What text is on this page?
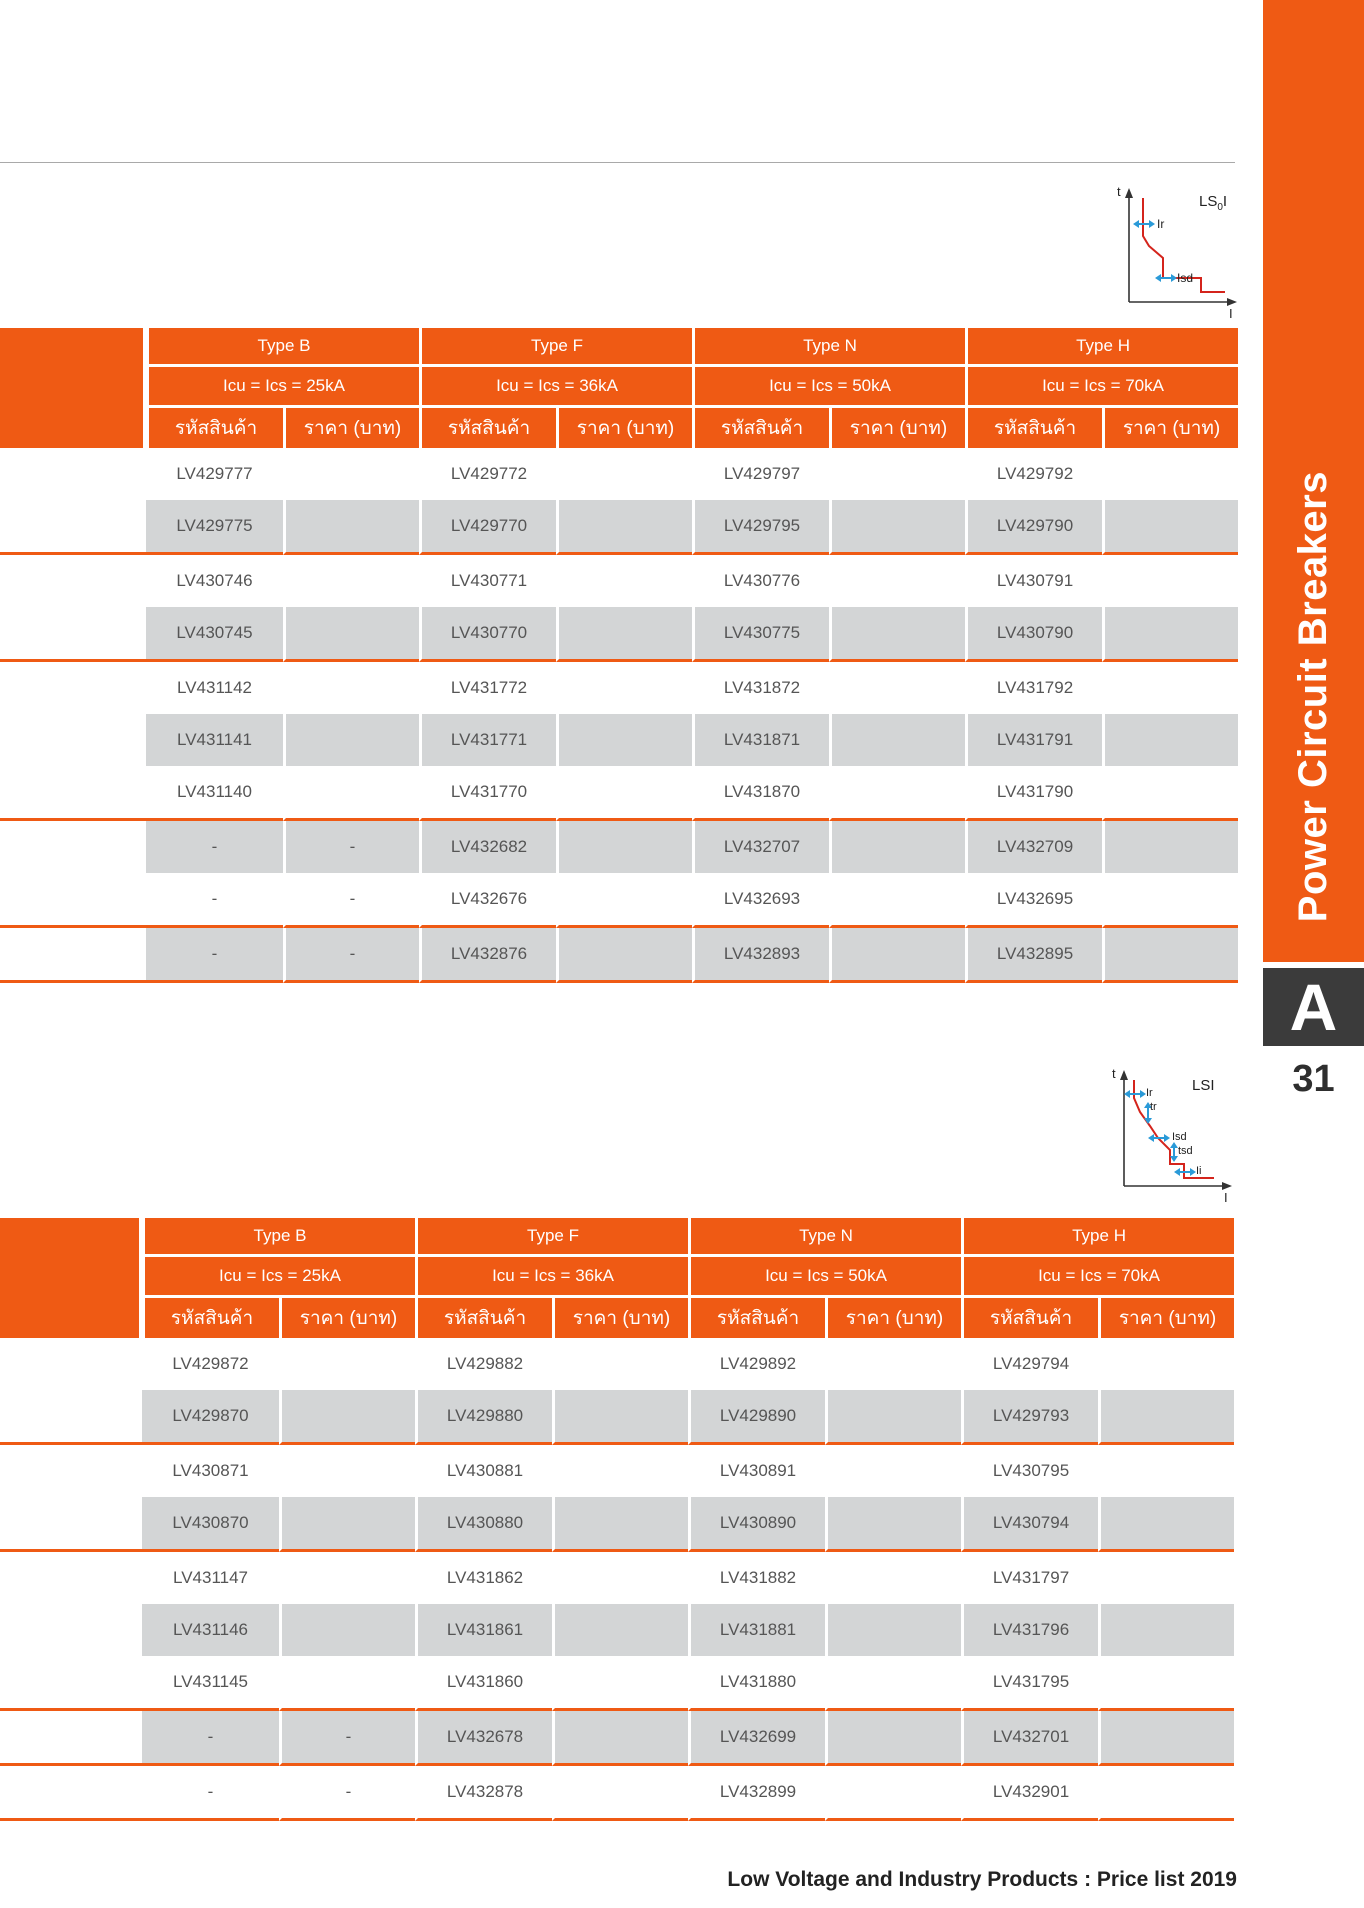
Power Circuit Breakers
A
31
t
I
$LS_0I$
Ir
Isd
t
I
LSI
Ir
tr
Isd
tsd
Ii
	Type B		Type F		Type N		Type H	
	Icu = Ics = 25kA		Icu = Ics = 36kA		Icu = Ics = 50kA		Icu = Ics = 70kA	
	รหัสสินค้า	ราคา (บาท)	รหัสสินค้า	ราคา (บาท)	รหัสสินค้า	ราคา (บาท)	รหัสสินค้า	ราคา (บาท)
	LV429777		LV429772		LV429797		LV429792	
	LV429775		LV429770		LV429795		LV429790	
	LV430746		LV430771		LV430776		LV430791	
	LV430745		LV430770		LV430775		LV430790	
	LV431142		LV431772		LV431872		LV431792	
	LV431141		LV431771		LV431871		LV431791	
	LV431140		LV431770		LV431870		LV431790	
	-	-	LV432682		LV432707		LV432709	
	-	-	LV432676		LV432693		LV432695	
	-	-	LV432876		LV432893		LV432895	
	Type B		Type F		Type N		Type H	
	Icu = Ics = 25kA		Icu = Ics = 36kA		Icu = Ics = 50kA		Icu = Ics = 70kA	
	รหัสสินค้า	ราคา (บาท)	รหัสสินค้า	ราคา (บาท)	รหัสสินค้า	ราคา (บาท)	รหัสสินค้า	ราคา (บาท)
	LV429872		LV429882		LV429892		LV429794	
	LV429870		LV429880		LV429890		LV429793	
	LV430871		LV430881		LV430891		LV430795	
	LV430870		LV430880		LV430890		LV430794	
	LV431147		LV431862		LV431882		LV431797	
	LV431146		LV431861		LV431881		LV431796	
	LV431145		LV431860		LV431880		LV431795	
	-	-	LV432678		LV432699		LV432701	
	-	-	LV432878		LV432899		LV432901	
Low Voltage and Industry Products : Price list 2019
